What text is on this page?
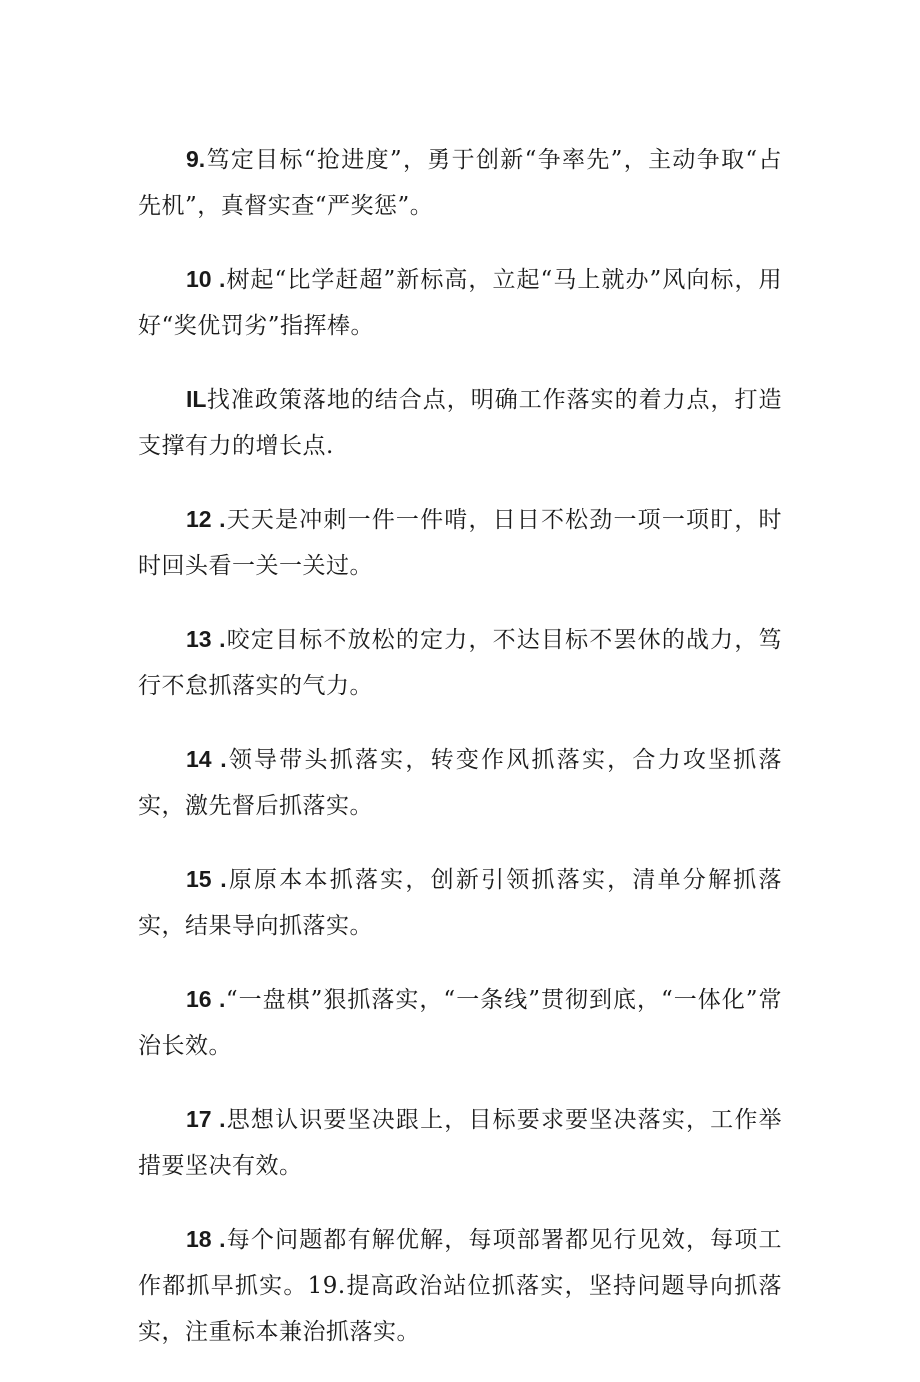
9.笃定目标“抢进度”，勇于创新“争率先”，主动争取“占先机”，真督实查“严奖惩”。

10 .树起“比学赶超”新标高，立起“马上就办”风向标，用好“奖优罚劣”指挥棒。

IL找准政策落地的结合点，明确工作落实的着力点，打造支撑有力的增长点.

12 .天天是冲刺一件一件啃，日日不松劲一项一项盯，时时回头看一关一关过。

13 .咬定目标不放松的定力，不达目标不罢休的战力，笃行不怠抓落实的气力。

14 .领导带头抓落实，转变作风抓落实，合力攻坚抓落实，激先督后抓落实。

15 .原原本本抓落实，创新引领抓落实，清单分解抓落实，结果导向抓落实。

16 .“一盘棋”狠抓落实，“一条线”贯彻到底，“一体化”常治长效。

17 .思想认识要坚决跟上，目标要求要坚决落实，工作举措要坚决有效。

18 .每个问题都有解优解，每项部署都见行见效，每项工作都抓早抓实。19.提高政治站位抓落实，坚持问题导向抓落实，注重标本兼治抓落实。
